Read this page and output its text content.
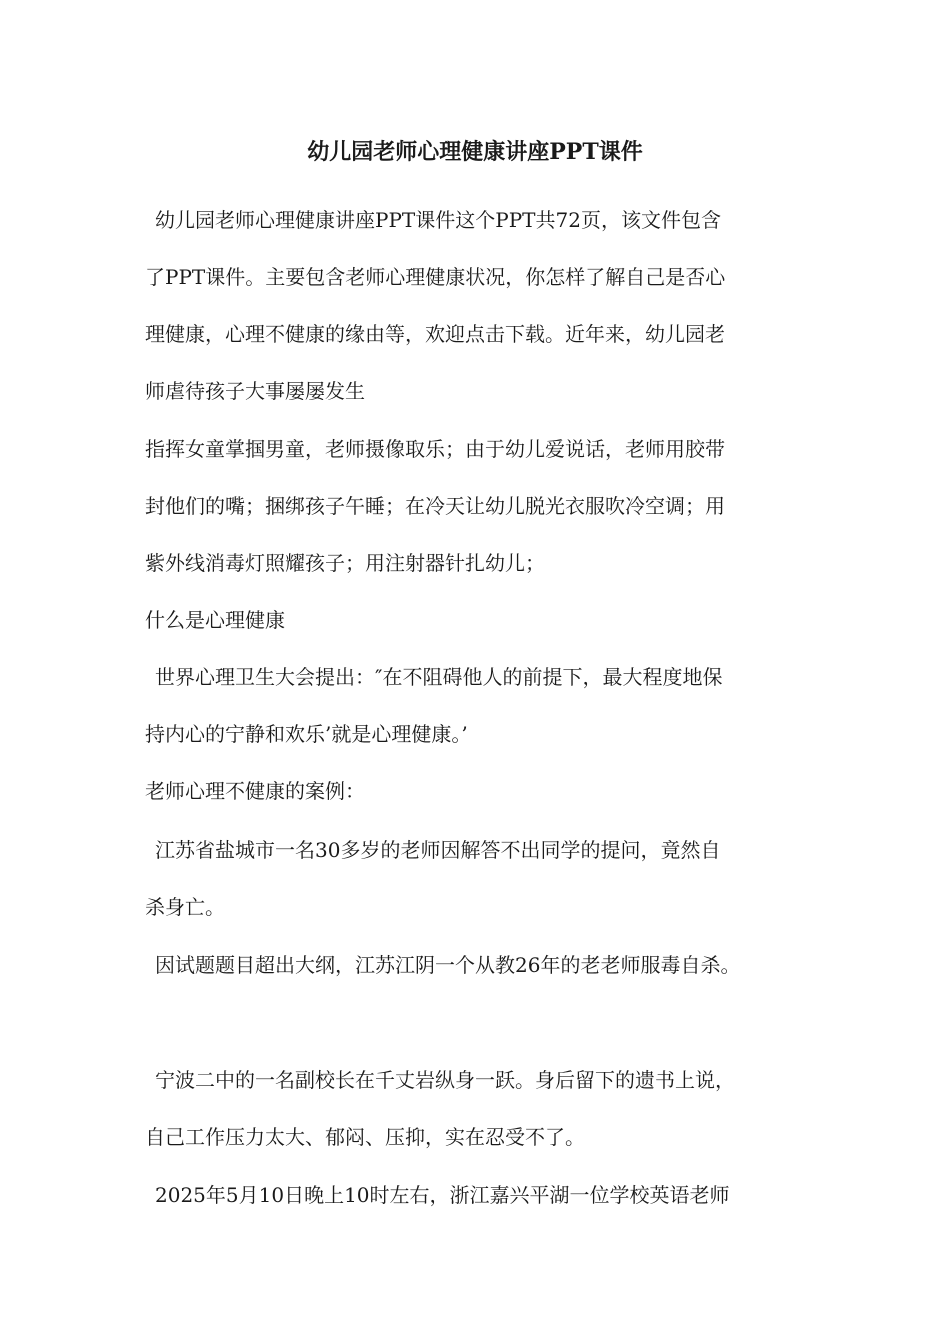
幼儿园老师心理健康讲座PPT课件
幼儿园老师心理健康讲座PPT课件这个PPT共72页，该文件包含
了PPT课件。主要包含老师心理健康状况，你怎样了解自己是否心
理健康，心理不健康的缘由等，欢迎点击下载。近年来，幼儿园老
师虐待孩子大事屡屡发生
指挥女童掌掴男童，老师摄像取乐；由于幼儿爱说话，老师用胶带
封他们的嘴；捆绑孩子午睡；在冷天让幼儿脱光衣服吹冷空调；用
紫外线消毒灯照耀孩子；用注射器针扎幼儿；
什么是心理健康
世界心理卫生大会提出：″在不阻碍他人的前提下，最大程度地保
持内心的宁静和欢乐’就是心理健康。’
老师心理不健康的案例：
江苏省盐城市一名30多岁的老师因解答不出同学的提问，竟然自
杀身亡。
因试题题目超出大纲，江苏江阴一个从教26年的老老师服毒自杀。
宁波二中的一名副校长在千丈岩纵身一跃。身后留下的遗书上说，
自己工作压力太大、郁闷、压抑，实在忍受不了。
2025年5月10日晚上10时左右，浙江嘉兴平湖一位学校英语老师
